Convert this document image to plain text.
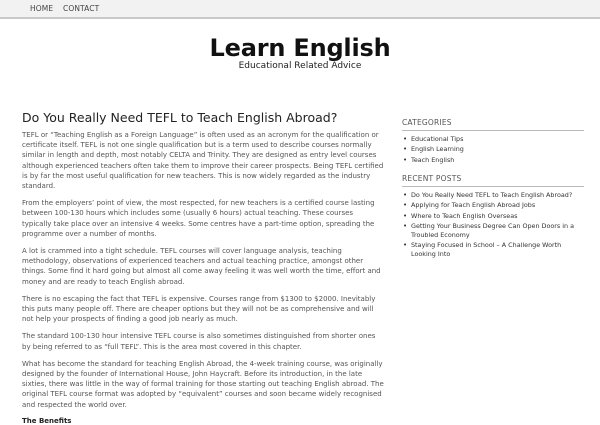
HOME CONTACT
Learn English
Educational Related Advice
Do You Really Need TEFL to Teach English Abroad?

TEFL or “Teaching English as a Foreign Language” is often used as an acronym for the qualification or certificate itself. TEFL is not one single qualification but is a term used to describe courses normally similar in length and depth, most notably CELTA and Trinity. They are designed as entry level courses although experienced teachers often take them to improve their career prospects. Being TEFL certified is by far the most useful qualification for new teachers. This is now widely regarded as the industry standard.

From the employers’ point of view, the most respected, for new teachers is a certified course lasting between 100-130 hours which includes some (usually 6 hours) actual teaching. These courses typically take place over an intensive 4 weeks. Some centres have a part-time option, spreading the programme over a number of months.

A lot is crammed into a tight schedule. TEFL courses will cover language analysis, teaching methodology, observations of experienced teachers and actual teaching practice, amongst other things. Some find it hard going but almost all come away feeling it was well worth the time, effort and money and are ready to teach English abroad.

There is no escaping the fact that TEFL is expensive. Courses range from $1300 to $2000. Inevitably this puts many people off. There are cheaper options but they will not be as comprehensive and will not help your prospects of finding a good job nearly as much.

The standard 100-130 hour intensive TEFL course is also sometimes distinguished from shorter ones by being referred to as “full TEFL”. This is the area most covered in this chapter.

What has become the standard for teaching English Abroad, the 4-week training course, was originally designed by the founder of International House, John Haycraft. Before its introduction, in the late sixties, there was little in the way of formal training for those starting out teaching English abroad. The original TEFL course format was adopted by “equivalent” courses and soon became widely recognised and respected the world over.

The Benefits

CATEGORIES
• Educational Tips
• English Learning
• Teach English
RECENT POSTS
• Do You Really Need TEFL to Teach English Abroad?
• Applying for Teach English Abroad Jobs
• Where to Teach English Overseas
• Getting Your Business Degree Can Open Doors in a Troubled Economy
• Staying Focused in School – A Challenge Worth Looking Into
